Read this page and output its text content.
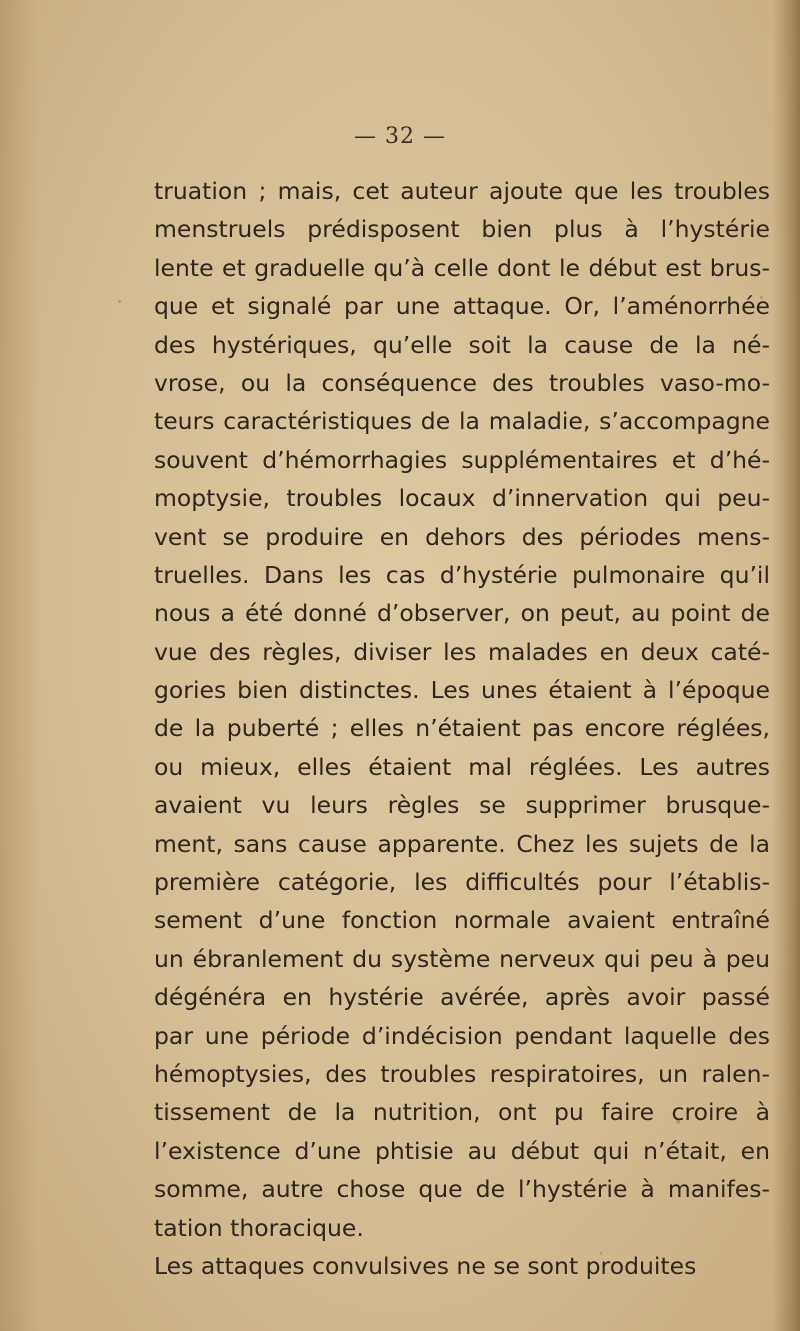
— 32 —
truation ; mais, cet auteur ajoute que les troubles
menstruels prédisposent bien plus à l’hystérie
lente et graduelle qu’à celle dont le début est brus-
que et signalé par une attaque. Or, l’aménorrhée
des hystériques, qu’elle soit la cause de la né-
vrose, ou la conséquence des troubles vaso-mo-
teurs caractéristiques de la maladie, s’accompagne
souvent d’hémorrhagies supplémentaires et d’hé-
moptysie, troubles locaux d’innervation qui peu-
vent se produire en dehors des périodes mens-
truelles. Dans les cas d’hystérie pulmonaire qu’il
nous a été donné d’observer, on peut, au point de
vue des règles, diviser les malades en deux caté-
gories bien distinctes. Les unes étaient à l’époque
de la puberté ; elles n’étaient pas encore réglées,
ou mieux, elles étaient mal réglées. Les autres
avaient vu leurs règles se supprimer brusque-
ment, sans cause apparente. Chez les sujets de la
première catégorie, les difficultés pour l’établis-
sement d’une fonction normale avaient entraîné
un ébranlement du système nerveux qui peu à peu
dégénéra en hystérie avérée, après avoir passé
par une période d’indécision pendant laquelle des
hémoptysies, des troubles respiratoires, un ralen-
tissement de la nutrition, ont pu faire croire à
l’existence d’une phtisie au début qui n’était, en
somme, autre chose que de l’hystérie à manifes-
tation thoracique.
Les attaques convulsives ne se sont produites
